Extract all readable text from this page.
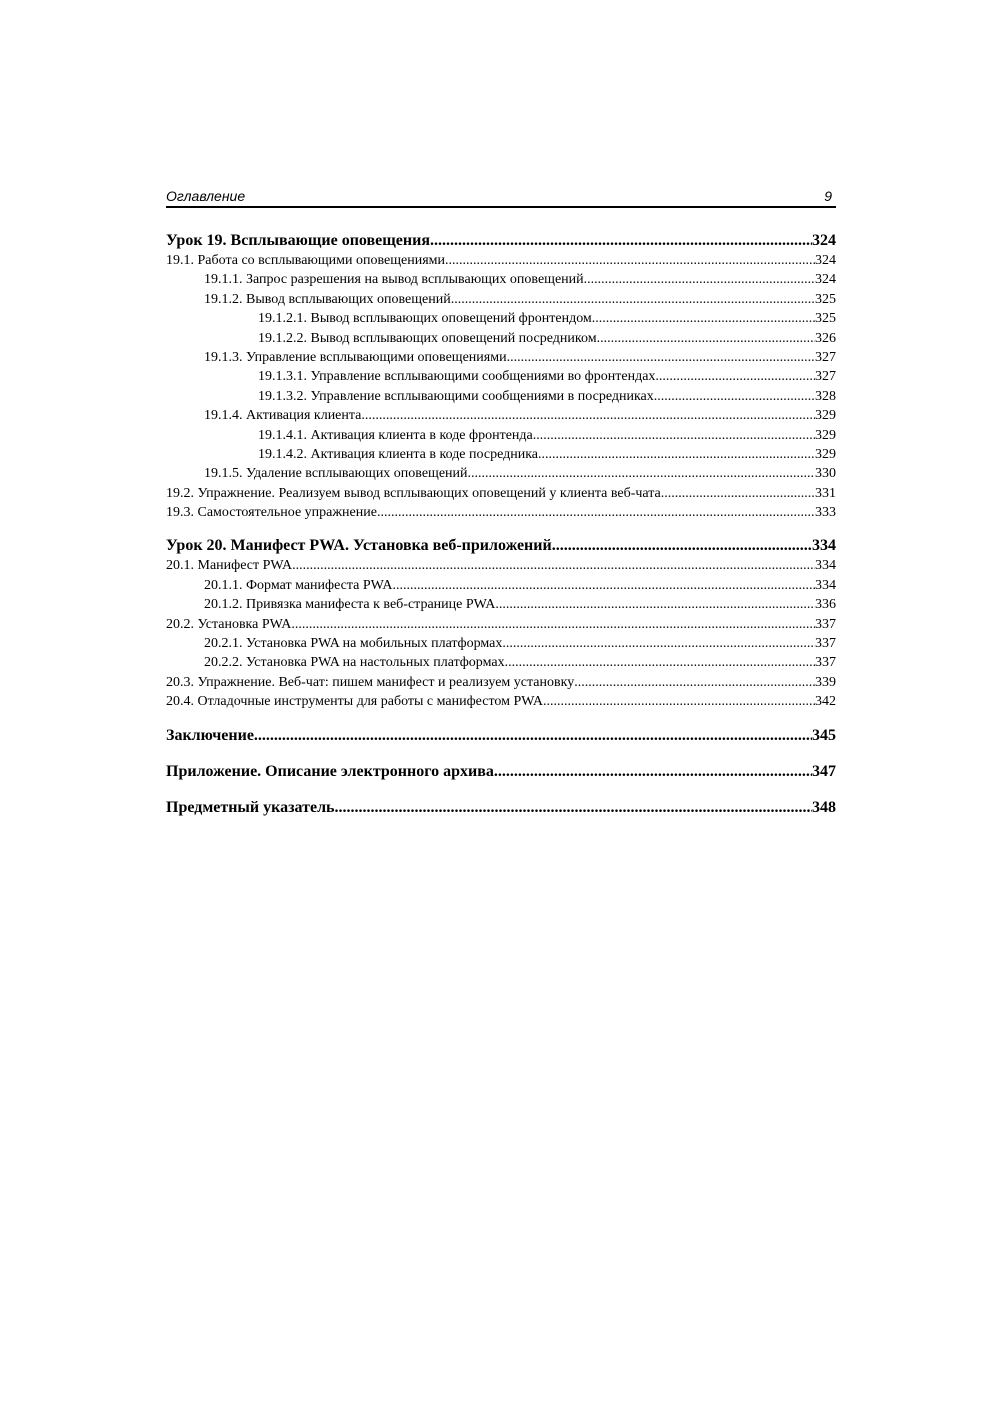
Оглавление	9
Урок 19. Всплывающие оповещения .....	324
19.1. Работа со всплывающими оповещениями .....	324
19.1.1. Запрос разрешения на вывод всплывающих оповещений .....	324
19.1.2. Вывод всплывающих оповещений .....	325
19.1.2.1. Вывод всплывающих оповещений фронтендом .....	325
19.1.2.2. Вывод всплывающих оповещений посредником .....	326
19.1.3. Управление всплывающими оповещениями .....	327
19.1.3.1. Управление всплывающими сообщениями во фронтендах .....	327
19.1.3.2. Управление всплывающими сообщениями в посредниках .....	328
19.1.4. Активация клиента .....	329
19.1.4.1. Активация клиента в коде фронтенда .....	329
19.1.4.2. Активация клиента в коде посредника .....	329
19.1.5. Удаление всплывающих оповещений .....	330
19.2. Упражнение. Реализуем вывод всплывающих оповещений у клиента веб-чата .....	331
19.3. Самостоятельное упражнение .....	333
Урок 20. Манифест PWA. Установка веб-приложений .....	334
20.1. Манифест PWA .....	334
20.1.1. Формат манифеста PWA .....	334
20.1.2. Привязка манифеста к веб-странице PWA .....	336
20.2. Установка PWA .....	337
20.2.1. Установка PWA на мобильных платформах .....	337
20.2.2. Установка PWA на настольных платформах .....	337
20.3. Упражнение. Веб-чат: пишем манифест и реализуем установку .....	339
20.4. Отладочные инструменты для работы с манифестом PWA .....	342
Заключение .....	345
Приложение. Описание электронного архива .....	347
Предметный указатель .....	348
